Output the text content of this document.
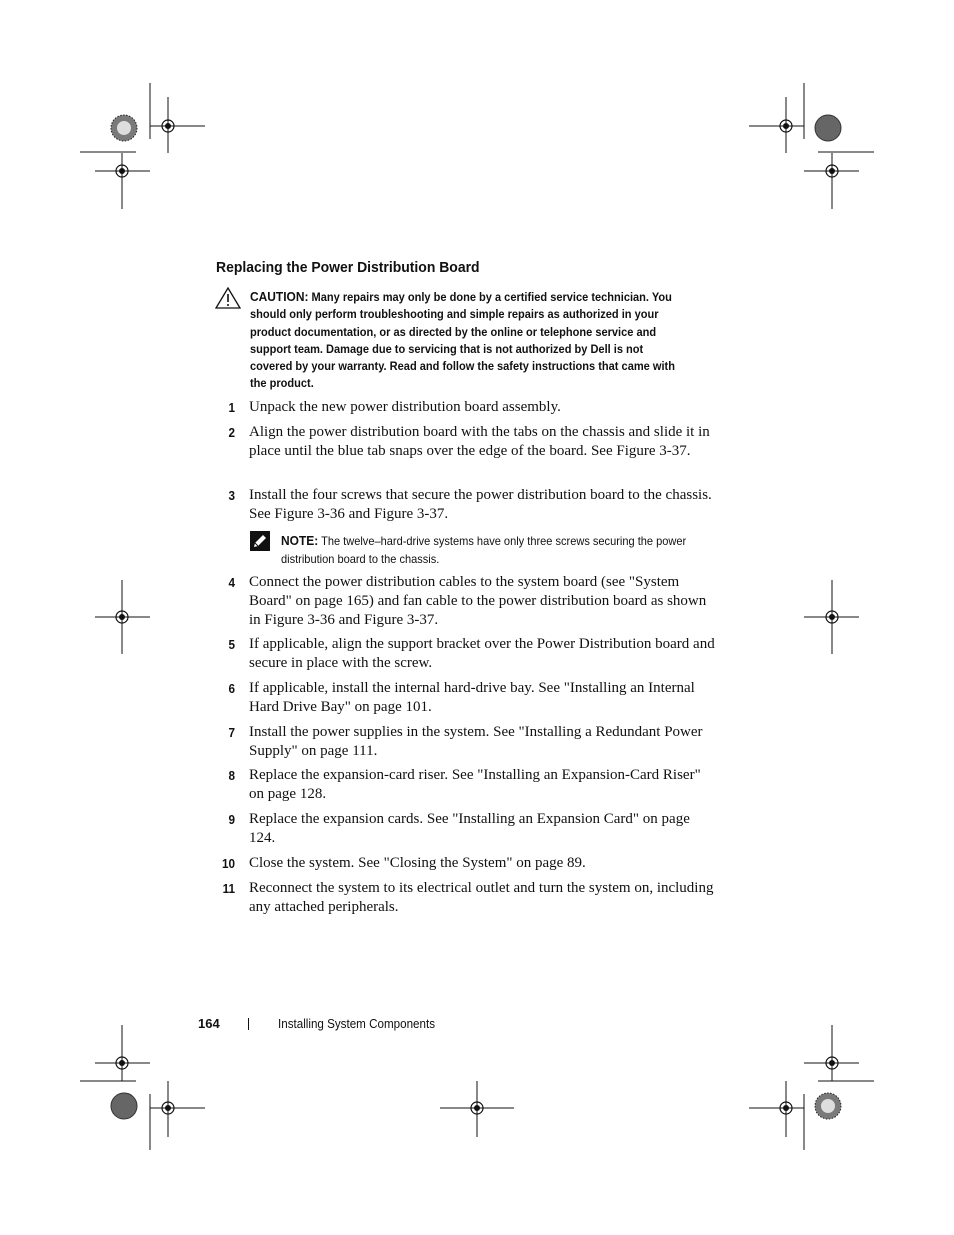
Replacing the Power Distribution Board

CAUTION: Many repairs may only be done by a certified service technician. You should only perform troubleshooting and simple repairs as authorized in your product documentation, or as directed by the online or telephone service and support team. Damage due to servicing that is not authorized by Dell is not covered by your warranty. Read and follow the safety instructions that came with the product.

1 Unpack the new power distribution board assembly.

2 Align the power distribution board with the tabs on the chassis and slide it in place until the blue tab snaps over the edge of the board. See Figure 3-37.

3 Install the four screws that secure the power distribution board to the chassis. See Figure 3-36 and Figure 3-37.

NOTE: The twelve–hard-drive systems have only three screws securing the power distribution board to the chassis.

4 Connect the power distribution cables to the system board (see "System Board" on page 165) and fan cable to the power distribution board as shown in Figure 3-36 and Figure 3-37.

5 If applicable, align the support bracket over the Power Distribution board and secure in place with the screw.

6 If applicable, install the internal hard-drive bay. See "Installing an Internal Hard Drive Bay" on page 101.

7 Install the power supplies in the system. See "Installing a Redundant Power Supply" on page 111.

8 Replace the expansion-card riser. See "Installing an Expansion-Card Riser" on page 128.

9 Replace the expansion cards. See "Installing an Expansion Card" on page 124.

10 Close the system. See "Closing the System" on page 89.

11 Reconnect the system to its electrical outlet and turn the system on, including any attached peripherals.

164	Installing System Components
